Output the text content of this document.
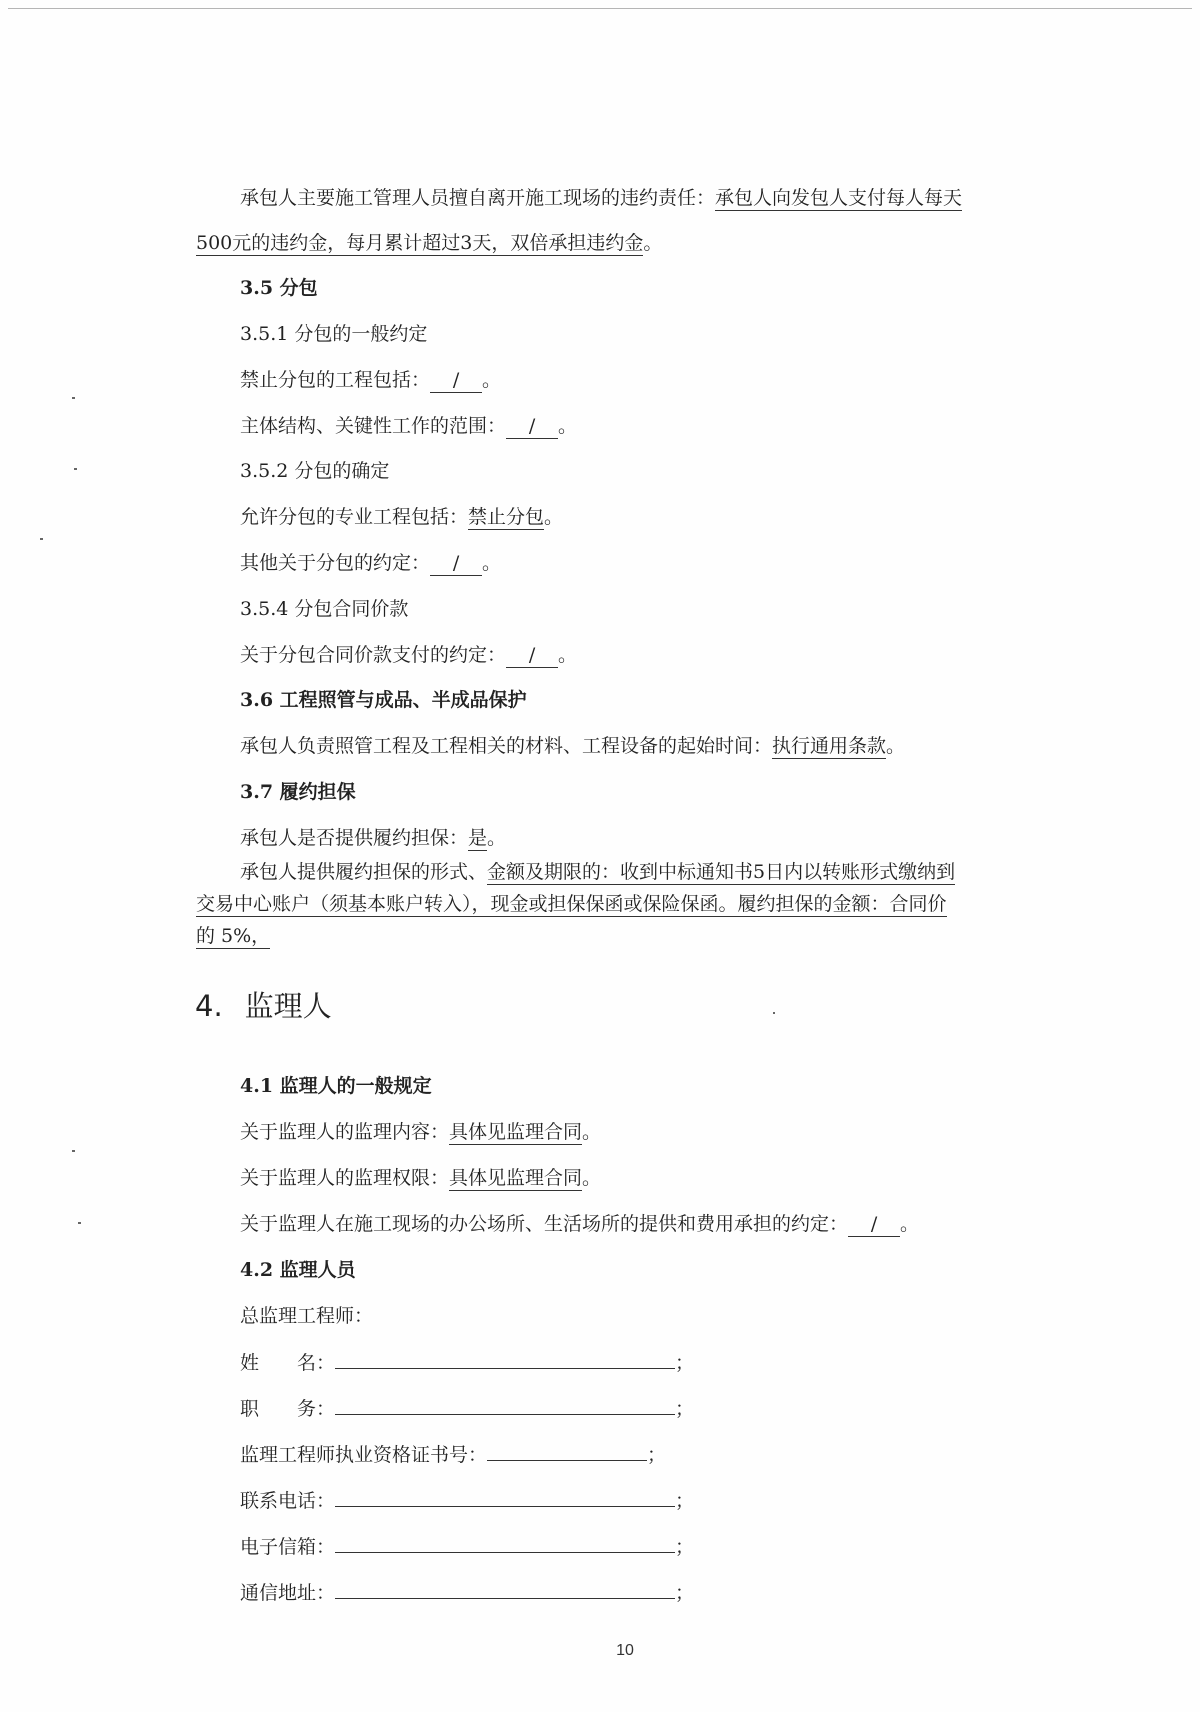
承包人主要施工管理人员擅自离开施工现场的违约责任：承包人向发包人支付每人每天
500元的违约金，每月累计超过3天，双倍承担违约金。
3.5 分包
3.5.1 分包的一般约定
禁止分包的工程包括： / 。
主体结构、关键性工作的范围： / 。
3.5.2 分包的确定
允许分包的专业工程包括：禁止分包。
其他关于分包的约定： / 。
3.5.4 分包合同价款
关于分包合同价款支付的约定： / 。
3.6 工程照管与成品、半成品保护
承包人负责照管工程及工程相关的材料、工程设备的起始时间：执行通用条款。
3.7 履约担保
承包人是否提供履约担保：是。
承包人提供履约担保的形式、金额及期限的：收到中标通知书5日内以转账形式缴纳到
交易中心账户（须基本账户转入），现金或担保保函或保险保函。履约担保的金额：合同价
的 5%，
4. 监理人
4.1 监理人的一般规定
关于监理人的监理内容：具体见监理合同。
关于监理人的监理权限：具体见监理合同。
关于监理人在施工现场的办公场所、生活场所的提供和费用承担的约定： / 。
4.2 监理人员
总监理工程师：
姓　　名：	；
职　　务：	；
监理工程师执业资格证书号：	；
联系电话：	；
电子信箱：	；
通信地址：	；
10
